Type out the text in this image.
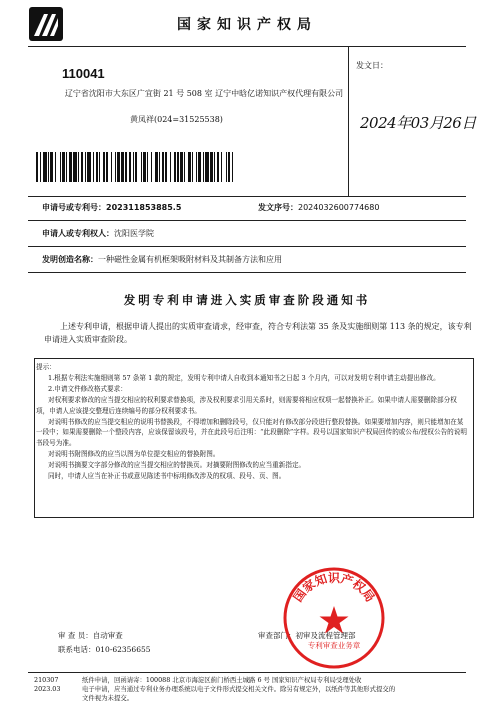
国家知识产权局
110041
辽宁省沈阳市大东区广宜街 21 号 508 室 辽宁中晗亿诺知识产权代理有限公司
黄凤祥(024=31525538)
发文日：
2024年03月26日
申请号或专利号：202311853885.5	发文序号：2024032600774680
申请人或专利权人：沈阳医学院
发明创造名称：一种磁性金属有机框架吸附材料及其制备方法和应用
发明专利申请进入实质审查阶段通知书
上述专利申请，根据申请人提出的实质审查请求，经审查，符合专利法第 35 条及实施细则第 113 条的规定，该专利申请进入实质审查阶段。

提示：

1.根据专利法实施细则第 57 条第 1 款的规定，发明专利申请人自收到本通知书之日起 3 个月内，可以对发明专利申请主动提出修改。

2.申请文件修改格式要求：

对权利要求修改的应当提交相应的权利要求替换项，涉及权利要求引用关系时，则需要将相应权项一起替换补正。如果申请人需要删除部分权项，申请人应该提交整理后连续编号的部分权利要求书。

对说明书修改的应当提交相应的说明书替换段，不得增加和删除段号，仅只能对有修改部分段进行整段替换。如果要增加内容，则只能增加在某一段中；如果需要删除一个整段内容，应该保留该段号，并在此段号后注明：“此段删除”字样。段号以国家知识产权局回传的或公布/授权公告的说明书段号为准。

对说明书附图修改的应当以图为单位提交相应的替换附图。

对说明书摘要文字部分修改的应当提交相应的替换页。对摘要附图修改的应当重新指定。

同时，申请人应当在补正书或意见陈述书中标明修改涉及的权项、段号、页、图。

审 查 员：自动审查
联系电话：010-62356655
审查部门：初审及流程管理部
国家知识产权局
专利审查业务章
210307
2023.03
纸件申请，回函请寄：100088 北京市海淀区蓟门桥西土城路 6 号 国家知识产权局专利局受理处收
电子申请，应当通过专利业务办理系统以电子文件形式提交相关文件。除另有规定外，以纸件等其他形式提交的
文件视为未提交。
